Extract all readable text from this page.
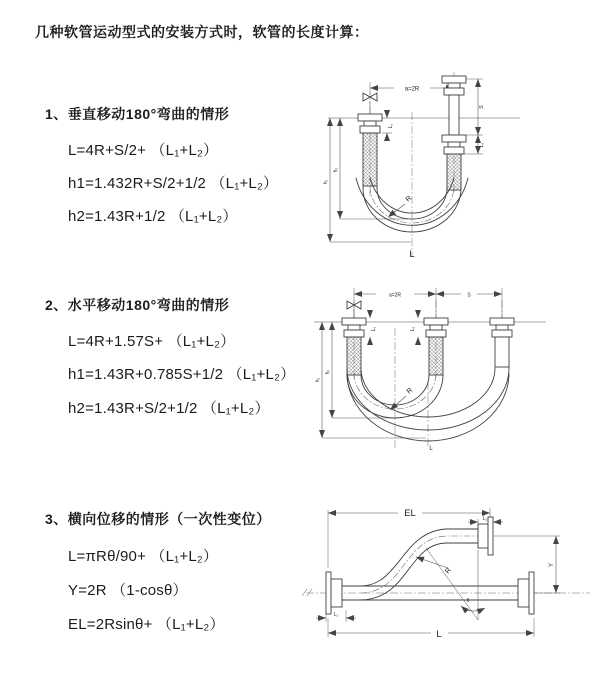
几种软管运动型式的安装方式时，软管的长度计算：
1、垂直移动180°弯曲的情形
L=4R+S/2+ （L₁+L₂）
h1=1.432R+S/2+1/2 （L₁+L₂）
h2=1.43R+1/2 （L₁+L₂）
2、水平移动180°弯曲的情形
L=4R+1.57S+ （L₁+L₂）
h1=1.43R+0.785S+1/2 （L₁+L₂）
h2=1.43R+S/2+1/2 （L₁+L₂）
3、横向位移的情形（一次性变位）
L=πRθ/90+ （L₁+L₂）
Y=2R （1-cosθ）
EL=2Rsinθ+ （L₁+L₂）
a=2R
h₁
h₂
L₁
S
L₂
R
L
a=2R	S
h₁
h₂
L₁	L₂
R
L
EL	L₂
Y
L₁
L
R
θ
